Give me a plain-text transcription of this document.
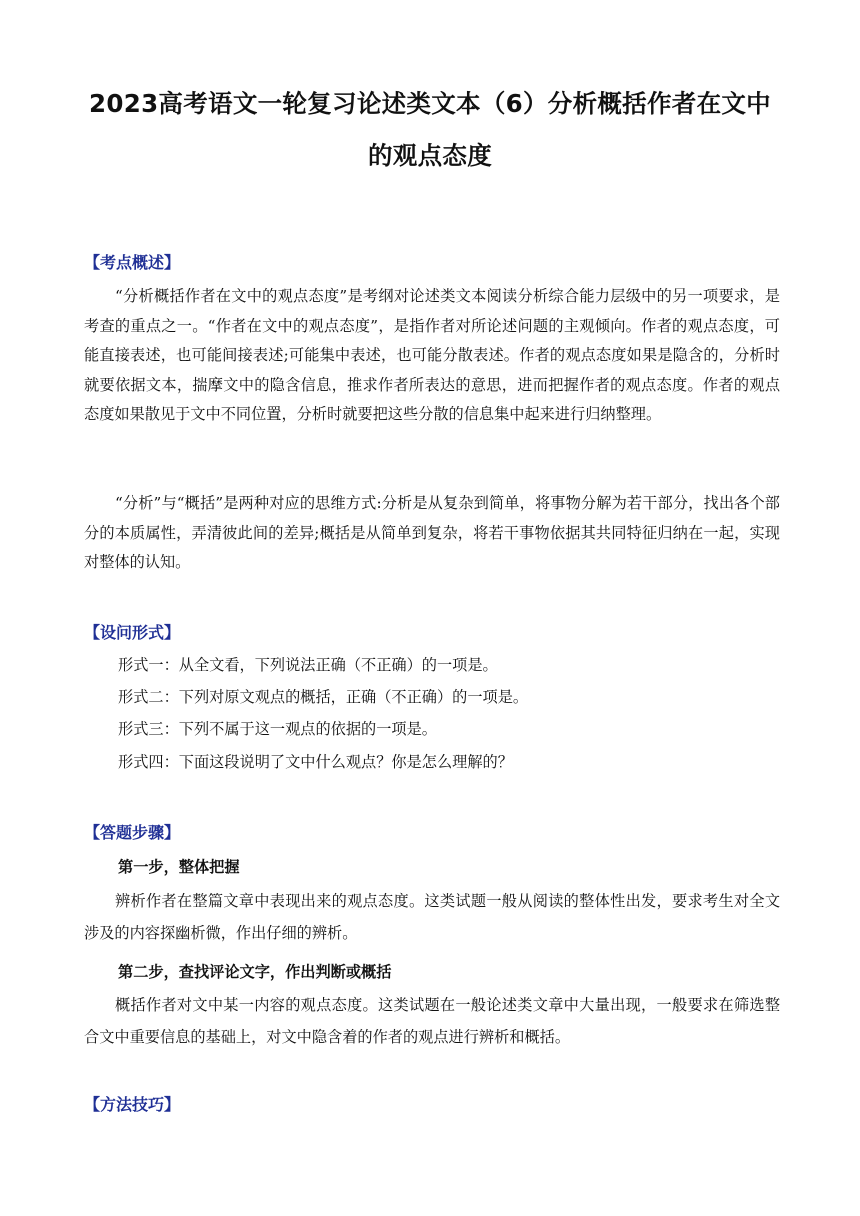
2023高考语文一轮复习论述类文本（6）分析概括作者在文中
的观点态度
【考点概述】

“分析概括作者在文中的观点态度”是考纲对论述类文本阅读分析综合能力层级中的另一项要求，是考查的重点之一。“作者在文中的观点态度”，是指作者对所论述问题的主观倾向。作者的观点态度，可能直接表述，也可能间接表述;可能集中表述，也可能分散表述。作者的观点态度如果是隐含的，分析时就要依据文本，揣摩文中的隐含信息，推求作者所表达的意思，进而把握作者的观点态度。作者的观点态度如果散见于文中不同位置，分析时就要把这些分散的信息集中起来进行归纳整理。

“分析”与“概括”是两种对应的思维方式:分析是从复杂到简单，将事物分解为若干部分，找出各个部分的本质属性，弄清彼此间的差异;概括是从简单到复杂，将若干事物依据其共同特征归纳在一起，实现对整体的认知。

【设问形式】
形式一：从全文看，下列说法正确（不正确）的一项是。
形式二：下列对原文观点的概括，正确（不正确）的一项是。
形式三：下列不属于这一观点的依据的一项是。
形式四：下面这段说明了文中什么观点？你是怎么理解的？
【答题步骤】
第一步，整体把握

辨析作者在整篇文章中表现出来的观点态度。这类试题一般从阅读的整体性出发，要求考生对全文涉及的内容探幽析微，作出仔细的辨析。

第二步，查找评论文字，作出判断或概括

概括作者对文中某一内容的观点态度。这类试题在一般论述类文章中大量出现，一般要求在筛选整合文中重要信息的基础上，对文中隐含着的作者的观点进行辨析和概括。

【方法技巧】
